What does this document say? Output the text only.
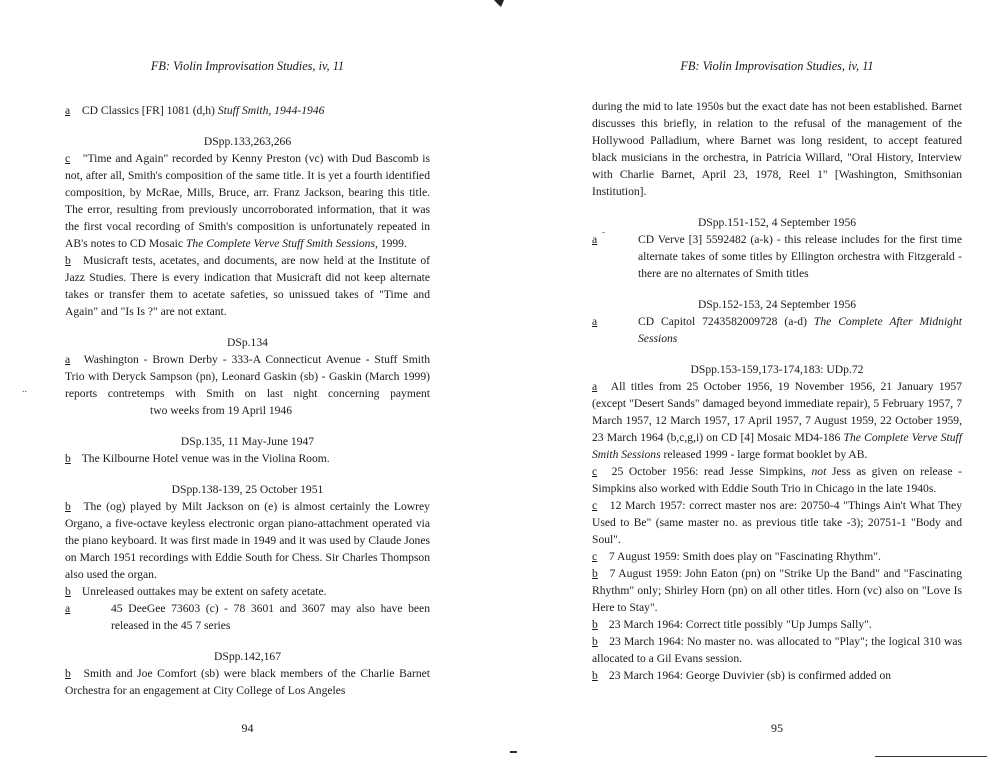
..
FB: Violin Improvisation Studies, iv, 11

a CD Classics [FR] 1081 (d,h) Stuff Smith, 1944-1946

DSpp.133,263,266

c "Time and Again" recorded by Kenny Preston (vc) with Dud Bascomb is not, after all, Smith's composition of the same title. It is yet a fourth identified composition, by McRae, Mills, Bruce, arr. Franz Jackson, bearing this title. The error, resulting from previously uncorroborated information, that it was the first vocal recording of Smith's composition is unfortunately repeated in AB's notes to CD Mosaic The Complete Verve Stuff Smith Sessions, 1999.

b Musicraft tests, acetates, and documents, are now held at the Institute of Jazz Studies. There is every indication that Musicraft did not keep alternate takes or transfer them to acetate safeties, so unissued takes of "Time and Again" and "Is Is ?" are not extant.

DSp.134

a Washington - Brown Derby - 333-A Connecticut Avenue - Stuff Smith Trio with Deryck Sampson (pn), Leonard Gaskin (sb) - Gaskin (March 1999) reports contretemps with Smith on last night concerning payment two weeks from 19 April 1946

DSp.135, 11 May-June 1947

b The Kilbourne Hotel venue was in the Violina Room.

DSpp.138-139, 25 October 1951

b The (og) played by Milt Jackson on (e) is almost certainly the Lowrey Organo, a five-octave keyless electronic organ piano-attachment operated via the piano keyboard. It was first made in 1949 and it was used by Claude Jones on March 1951 recordings with Eddie South for Chess. Sir Charles Thompson also used the organ.

b Unreleased outtakes may be extent on safety acetate.

a	45 DeeGee 73603 (c) - 78 3601 and 3607 may also have been released in the 45 7 series

DSpp.142,167

b Smith and Joe Comfort (sb) were black members of the Charlie Barnet Orchestra for an engagement at City College of Los Angeles

94
FB: Violin Improvisation Studies, iv, 11

during the mid to late 1950s but the exact date has not been established. Barnet discusses this briefly, in relation to the refusal of the management of the Hollywood Palladium, where Barnet was long resident, to accept featured black musicians in the orchestra, in Patricia Willard, "Oral History, Interview with Charlie Barnet, April 23, 1978, Reel 1" [Washington, Smithsonian Institution].

DSpp.151-152, 4 September 1956

a	CD Verve [3] 5592482 (a-k) - this release includes for the first time alternate takes of some titles by Ellington orchestra with Fitzgerald - there are no alternates of Smith titles

DSp.152-153, 24 September 1956

a	CD Capitol 7243582009728 (a-d) The Complete After Midnight Sessions

DSpp.153-159,173-174,183: UDp.72

a All titles from 25 October 1956, 19 November 1956, 21 January 1957 (except "Desert Sands" damaged beyond immediate repair), 5 February 1957, 7 March 1957, 12 March 1957, 17 April 1957, 7 August 1959, 22 October 1959, 23 March 1964 (b,c,g,i) on CD [4] Mosaic MD4-186 The Complete Verve Stuff Smith Sessions released 1999 - large format booklet by AB.

c 25 October 1956: read Jesse Simpkins, not Jess as given on release - Simpkins also worked with Eddie South Trio in Chicago in the late 1940s.

c 12 March 1957: correct master nos are: 20750-4 "Things Ain't What They Used to Be" (same master no. as previous title take -3); 20751-1 "Body and Soul".

c 7 August 1959: Smith does play on "Fascinating Rhythm".

b 7 August 1959: John Eaton (pn) on "Strike Up the Band" and "Fascinating Rhythm" only; Shirley Horn (pn) on all other titles. Horn (vc) also on "Love Is Here to Stay".

b 23 March 1964: Correct title possibly "Up Jumps Sally".

b 23 March 1964: No master no. was allocated to "Play"; the logical 310 was allocated to a Gil Evans session.

b 23 March 1964: George Duvivier (sb) is confirmed added on

95
